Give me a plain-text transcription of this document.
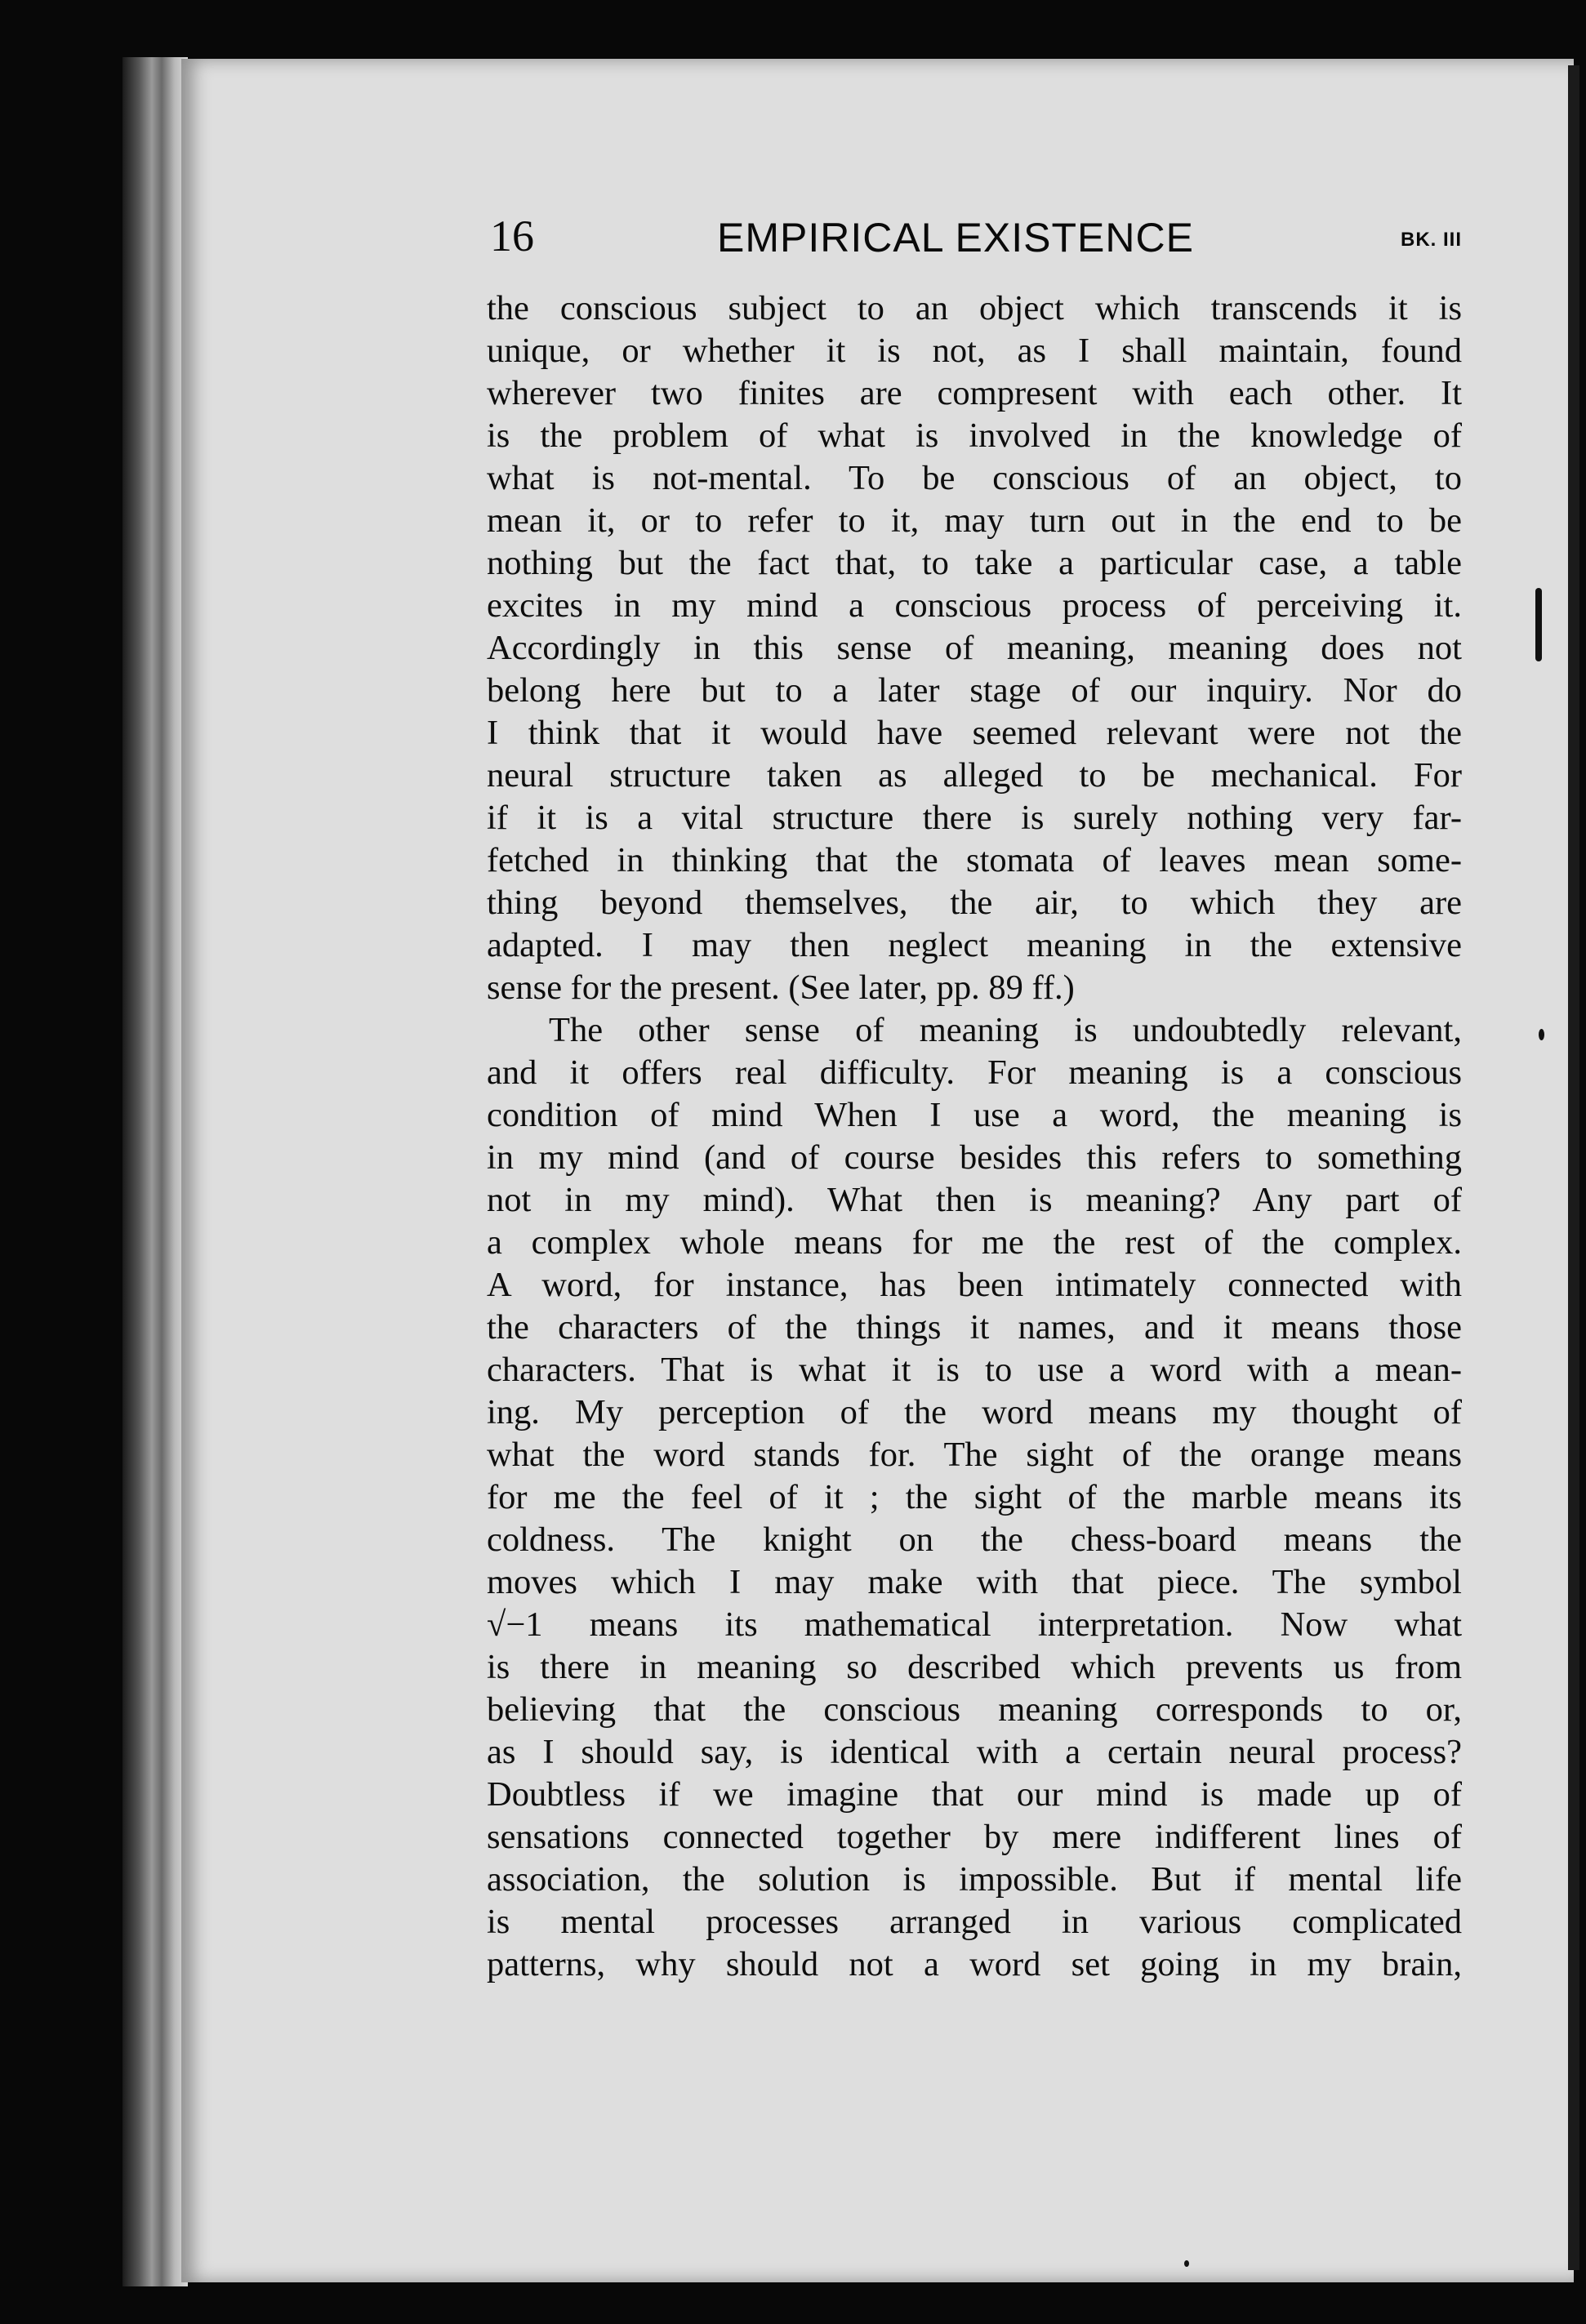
16	EMPIRICAL EXISTENCE	BK. III
the conscious subject to an object which transcends it is
unique, or whether it is not, as I shall maintain, found
wherever two finites are compresent with each other. It
is the problem of what is involved in the knowledge of
what is not-mental. To be conscious of an object, to
mean it, or to refer to it, may turn out in the end to be
nothing but the fact that, to take a particular case, a table
excites in my mind a conscious process of perceiving it.
Accordingly in this sense of meaning, meaning does not
belong here but to a later stage of our inquiry. Nor do
I think that it would have seemed relevant were not the
neural structure taken as alleged to be mechanical. For
if it is a vital structure there is surely nothing very far-
fetched in thinking that the stomata of leaves mean some-
thing beyond themselves, the air, to which they are
adapted. I may then neglect meaning in the extensive
sense for the present. (See later, pp. 89 ff.)
The other sense of meaning is undoubtedly relevant,
and it offers real difficulty. For meaning is a conscious
condition of mind When I use a word, the meaning is
in my mind (and of course besides this refers to something
not in my mind). What then is meaning? Any part of
a complex whole means for me the rest of the complex.
A word, for instance, has been intimately connected with
the characters of the things it names, and it means those
characters. That is what it is to use a word with a mean-
ing. My perception of the word means my thought of
what the word stands for. The sight of the orange means
for me the feel of it ; the sight of the marble means its
coldness. The knight on the chess-board means the
moves which I may make with that piece. The symbol
√−1 means its mathematical interpretation. Now what
is there in meaning so described which prevents us from
believing that the conscious meaning corresponds to or,
as I should say, is identical with a certain neural process?
Doubtless if we imagine that our mind is made up of
sensations connected together by mere indifferent lines of
association, the solution is impossible. But if mental life
is mental processes arranged in various complicated
patterns, why should not a word set going in my brain,
